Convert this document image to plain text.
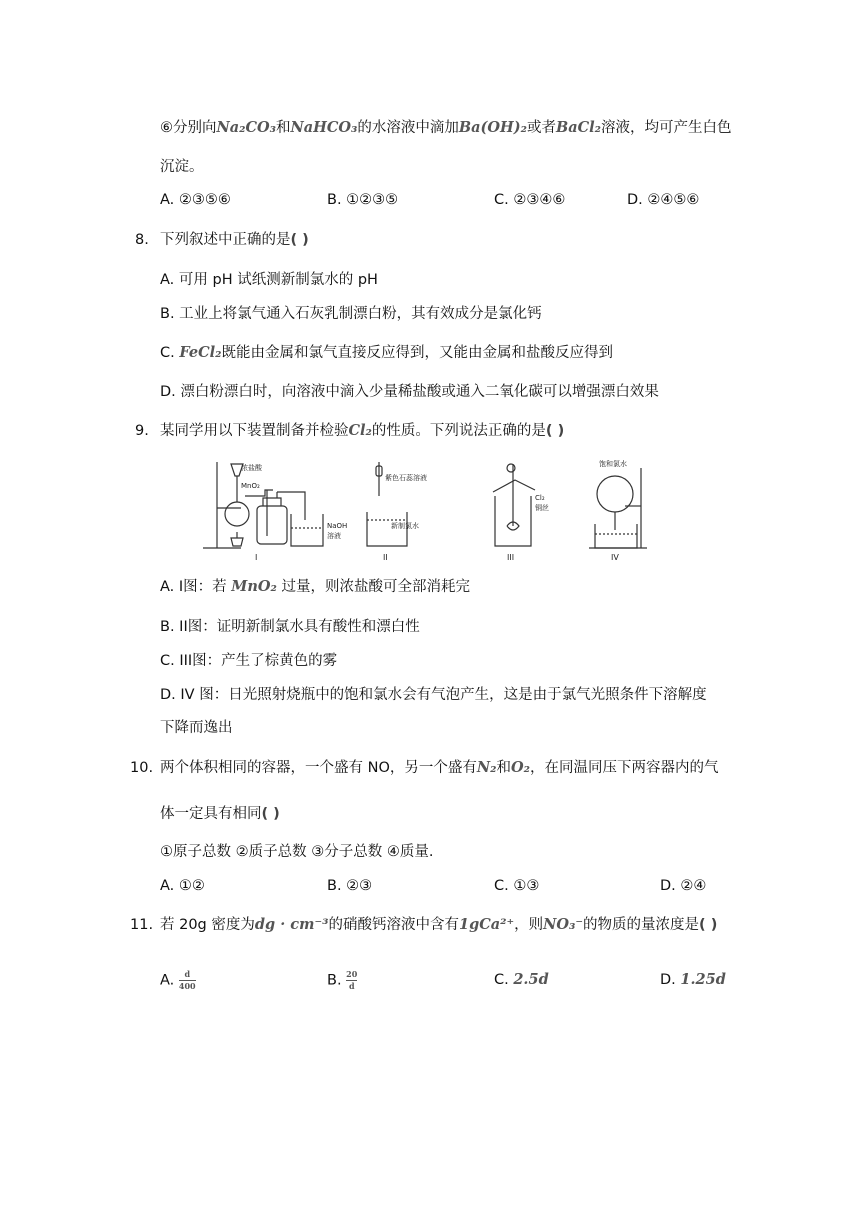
⑥分别向Na₂CO₃和NaHCO₃的水溶液中滴加Ba(OH)₂或者BaCl₂溶液，均可产生白色
沉淀。
A. ②③⑤⑥	B. ①②③⑤	C. ②③④⑥	D. ②④⑤⑥
8. 下列叙述中正确的是( )
A. 可用 pH 试纸测新制氯水的 pH
B. 工业上将氯气通入石灰乳制漂白粉，其有效成分是氯化钙
C. FeCl₂既能由金属和氯气直接反应得到，又能由金属和盐酸反应得到
D. 漂白粉漂白时，向溶液中滴入少量稀盐酸或通入二氧化碳可以增强漂白效果
9. 某同学用以下装置制备并检验Cl₂的性质。下列说法正确的是( )
浓盐酸
MnO₂
NaOH
溶液
I
紫色石蕊溶液
新制氯水
II
Cl₂
铜丝
III
饱和氯水
IV
A. I图：若 MnO₂ 过量，则浓盐酸可全部消耗完
B. II图：证明新制氯水具有酸性和漂白性
C. III图：产生了棕黄色的雾
D. IV 图：日光照射烧瓶中的饱和氯水会有气泡产生，这是由于氯气光照条件下溶解度
下降而逸出
10. 两个体积相同的容器，一个盛有 NO，另一个盛有N₂和O₂，在同温同压下两容器内的气
体一定具有相同( )
①原子总数 ②质子总数 ③分子总数 ④质量.
A. ①②	B. ②③	C. ①③	D. ②④
11. 若 20g 密度为dg · cm⁻³的硝酸钙溶液中含有1gCa²⁺，则NO₃⁻的物质的量浓度是( )
A. $\frac{d}{400}$	B. $\frac{20}{d}$	C. 2.5d	D. 1.25d
